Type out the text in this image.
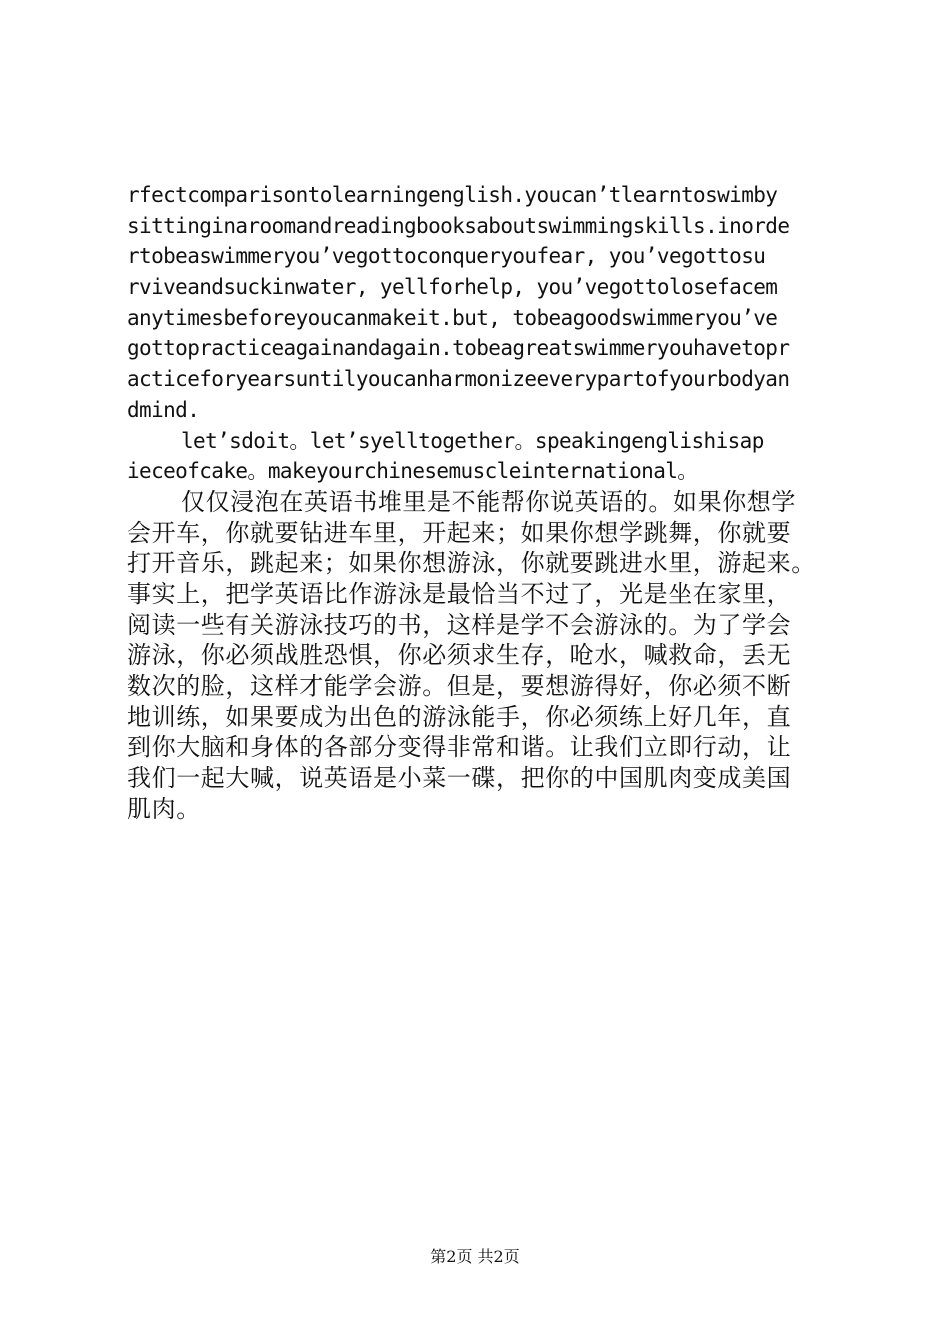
rfectcomparisontolearningenglish.youcan’tlearntoswimby
sittinginaroomandreadingbooksaboutswimmingskills.inorde
rtobeaswimmeryou’vegottoconqueryoufear, you’vegottosu
rviveandsuckinwater, yellforhelp, you’vegottolosefacem
anytimesbeforeyoucanmakeit.but, tobeagoodswimmeryou’ve
gottopracticeagainandagain.tobeagreatswimmeryouhavetopr
acticeforyearsuntilyoucanharmonizeeverypartofyourbodyan
dmind.
let’sdoit。let’syelltogether。speakingenglishisap
ieceofcake。makeyourchinesemuscleinternational。
仅仅浸泡在英语书堆里是不能帮你说英语的。如果你想学
会开车，你就要钻进车里，开起来；如果你想学跳舞，你就要
打开音乐，跳起来；如果你想游泳，你就要跳进水里，游起来。
事实上，把学英语比作游泳是最恰当不过了，光是坐在家里，
阅读一些有关游泳技巧的书，这样是学不会游泳的。为了学会
游泳，你必须战胜恐惧，你必须求生存，呛水，喊救命，丢无
数次的脸，这样才能学会游。但是，要想游得好，你必须不断
地训练，如果要成为出色的游泳能手，你必须练上好几年，直
到你大脑和身体的各部分变得非常和谐。让我们立即行动，让
我们一起大喊，说英语是小菜一碟，把你的中国肌肉变成美国
肌肉。
第2页 共2页
